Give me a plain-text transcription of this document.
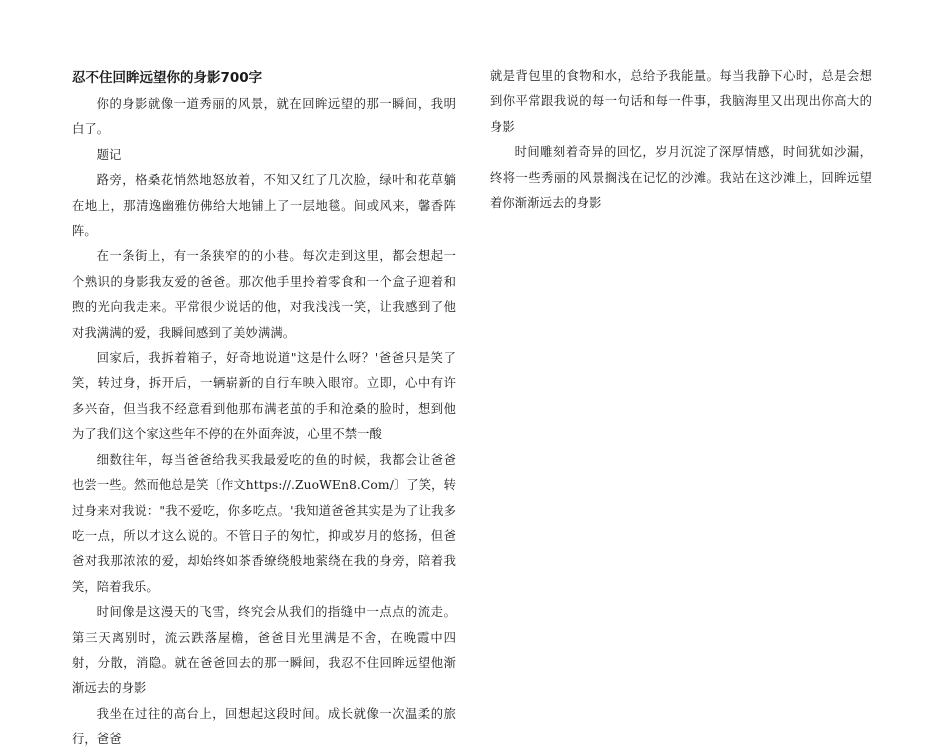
忍不住回眸远望你的身影700字

你的身影就像一道秀丽的风景，就在回眸远望的那一瞬间，我明白了。

题记

路旁，格桑花悄然地怒放着，不知又红了几次脸，绿叶和花草躺在地上，那清逸幽雅仿佛给大地铺上了一层地毯。间或风来，馨香阵阵。

在一条街上，有一条狭窄的的小巷。每次走到这里，都会想起一个熟识的身影我友爱的爸爸。那次他手里拎着零食和一个盒子迎着和煦的光向我走来。平常很少说话的他，对我浅浅一笑，让我感到了他对我满满的爱，我瞬间感到了美妙满满。

回家后，我拆着箱子，好奇地说道"这是什么呀？'爸爸只是笑了笑，转过身，拆开后，一辆崭新的自行车映入眼帘。立即，心中有许多兴奋，但当我不经意看到他那布满老茧的手和沧桑的脸时，想到他为了我们这个家这些年不停的在外面奔波，心里不禁一酸

细数往年，每当爸爸给我买我最爱吃的鱼的时候，我都会让爸爸也尝一些。然而他总是笑〔作文https://.ZuoWEn8.Com/〕了笑，转过身来对我说："我不爱吃，你多吃点。'我知道爸爸其实是为了让我多吃一点，所以才这么说的。不管日子的匆忙，抑或岁月的悠扬，但爸爸对我那浓浓的爱，却始终如茶香缭绕般地萦绕在我的身旁，陪着我笑，陪着我乐。

时间像是这漫天的飞雪，终究会从我们的指缝中一点点的流走。第三天离别时，流云跌落屋檐，爸爸目光里满是不舍，在晚霞中四射，分散，消隐。就在爸爸回去的那一瞬间，我忍不住回眸远望他渐渐远去的身影

我坐在过往的高台上，回想起这段时间。成长就像一次温柔的旅行，爸爸

就是背包里的食物和水，总给予我能量。每当我静下心时，总是会想到你平常跟我说的每一句话和每一件事，我脑海里又出现出你高大的身影

时间雕刻着奇异的回忆，岁月沉淀了深厚情感，时间犹如沙漏，终将一些秀丽的风景搁浅在记忆的沙滩。我站在这沙滩上，回眸远望着你渐渐远去的身影
